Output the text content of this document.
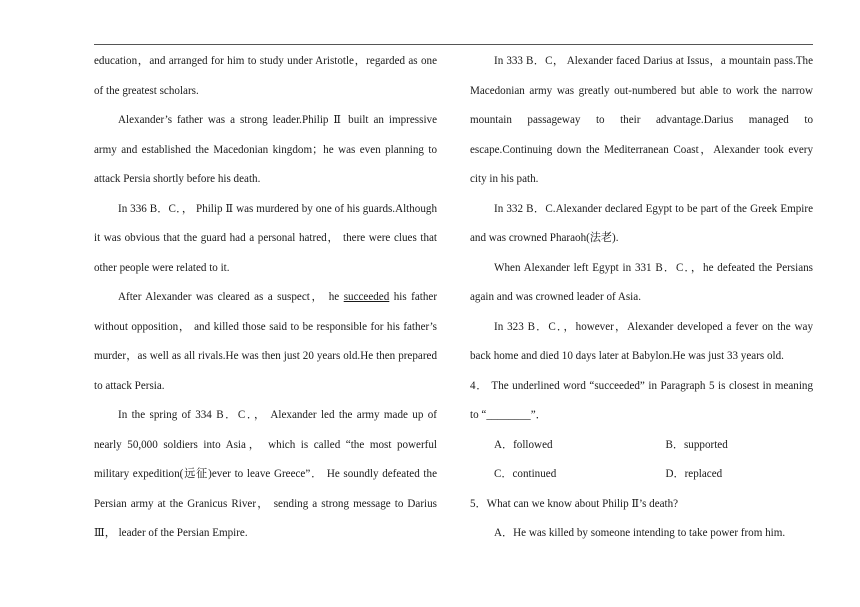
education，and arranged for him to study under Aristotle，regarded as one of the greatest scholars.

Alexander’s father was a strong leader.Philip Ⅱ built an impressive army and established the Macedonian kingdom；he was even planning to attack Persia shortly before his death.

In 336 B．C．， Philip Ⅱ was murdered by one of his guards.Although it was obvious that the guard had a personal hatred， there were clues that other people were related to it.

After Alexander was cleared as a suspect， he succeeded his father without opposition， and killed those said to be responsible for his father’s murder，as well as all rivals.He was then just 20 years old.He then prepared to attack Persia.

In the spring of 334 B．C．， Alexander led the army made up of nearly 50,000 soldiers into Asia， which is called “the most powerful military expedition(远征)ever to leave Greece”． He soundly defeated the Persian army at the Granicus River， sending a strong message to Darius Ⅲ， leader of the Persian Empire.

In 333 B．C， Alexander faced Darius at Issus，a mountain pass.The Macedonian army was greatly out-numbered but able to work the narrow mountain passageway to their advantage.Darius managed to escape.Continuing down the Mediterranean Coast，Alexander took every city in his path.

In 332 B．C.Alexander declared Egypt to be part of the Greek Empire and was crowned Pharaoh(法老).

When Alexander left Egypt in 331 B．C．，he defeated the Persians again and was crowned leader of Asia.

In 323 B．C．，however，Alexander developed a fever on the way back home and died 10 days later at Babylon.He was just 33 years old.

4． The underlined word “succeeded” in Paragraph 5 is closest in meaning to “________”．

A．followed	B．supported
C．continued	D．replaced

5．What can we know about Philip Ⅱ’s death?

A．He was killed by someone intending to take power from him.
